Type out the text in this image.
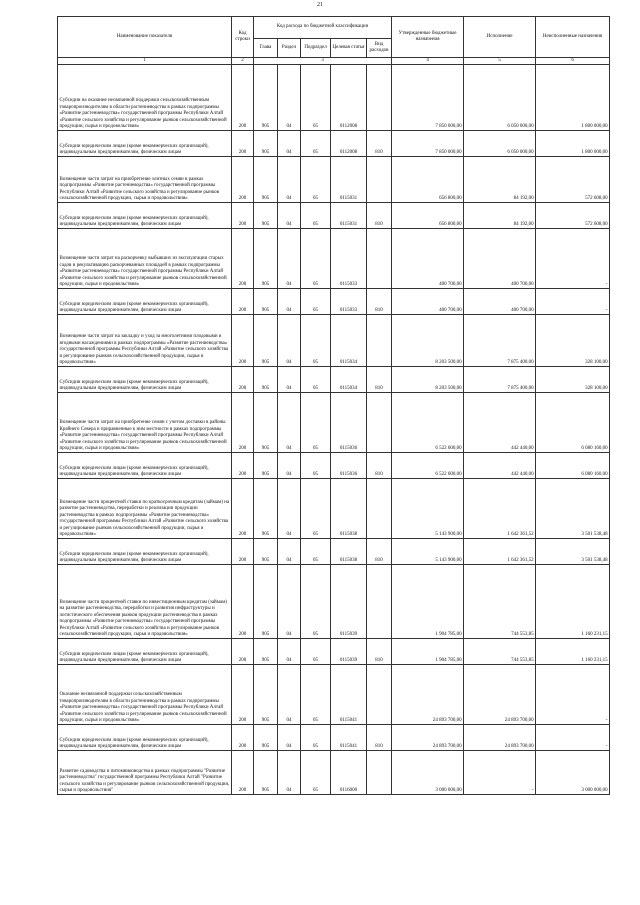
21
Наименование показателя	Код строки	Код расхода по бюджетной классификации					Утвержденные бюджетные назначения	Исполнение	Неисполненные назначения
		Глава	Раздел	Подраздел	Целевая статья	Вид расходов			
1	2	3					4	5	6
Субсидии на оказание несвязанной поддержки сельскохозяйственным товаропроизводителям в области растениеводства в рамках подпрограммы «Развитие растениеводства» государственной программы Республики Алтай «Развитие сельского хозяйства и регулирование рынков сельскохозяйственной продукции, сырья и продовольствия»	200	905	04	05	0112008		7 850 000,00	6 050 000,00	1 800 000,00
Субсидии юридическим лицам (кроме некоммерческих организаций), индивидуальным предпринимателям, физическим лицам	200	905	04	05	0112008	810	7 850 000,00	6 050 000,00	1 800 000,00
Возмещение части затрат на приобретение элитных семян в рамках подпрограммы «Развитие растениеводства» государственной программы Республики Алтай «Развитие сельского хозяйства и регулирование рынков сельскохозяйственной продукции, сырья и продовольствия»	200	905	04	05	0115031		656 800,00	84 192,00	572 608,00
Субсидии юридическим лицам (кроме некоммерческих организаций), индивидуальным предпринимателям, физическим лицам	200	905	04	05	0115031	810	656 800,00	84 192,00	572 608,00
Возмещение части затрат на раскорчевку выбывших из эксплуатации старых садов и рекультивацию раскорчеванных площадей в рамках подпрограммы «Развитие растениеводства» государственной программы Республики Алтай «Развитие сельского хозяйства и регулирование рынков сельскохозяйственной продукции, сырья и продовольствия»	200	905	04	05	0115033		400 700,00	400 700,00	-
Субсидии юридическим лицам (кроме некоммерческих организаций), индивидуальным предпринимателям, физическим лицам	200	905	04	05	0115033	810	400 700,00	400 700,00	-
Возмещение части затрат на закладку и уход за многолетними плодовыми и ягодными насаждениями в рамках подпрограммы «Развитие растениеводства» государственной программы Республики Алтай «Развитие сельского хозяйства и регулирование рынков сельскохозяйственной продукции, сырья и продовольствия»	200	905	04	05	0115034		8 203 500,00	7 875 400,00	328 100,00
Субсидии юридическим лицам (кроме некоммерческих организаций), индивидуальным предпринимателям, физическим лицам	200	905	04	05	0115034	810	8 203 500,00	7 875 400,00	328 100,00
Возмещение части затрат на приобретение семян с учетом доставки в районы Крайнего Севера и приравненные к ним местности в рамках подпрограммы «Развитие растениеводства» государственной программы Республики Алтай «Развитие сельского хозяйства и регулирование рынков сельскохозяйственной продукции, сырья и продовольствия»	200	905	04	05	0115036		6 522 600,00	442 440,00	6 080 160,00
Субсидии юридическим лицам (кроме некоммерческих организаций), индивидуальным предпринимателям, физическим лицам	200	905	04	05	0115036	810	6 522 600,00	442 440,00	6 080 160,00
Возмещение части процентной ставки по краткосрочным кредитам (займам) на развитие растениеводства, переработки и реализации продукции растениеводства в рамках подпрограммы «Развитие растениеводства» государственной программы Республики Алтай «Развитие сельского хозяйства и регулирование рынков сельскохозяйственной продукции, сырья и продовольствия»	200	905	04	05	0115038		5 143 900,00	1 642 361,52	3 501 538,48
Субсидии юридическим лицам (кроме некоммерческих организаций), индивидуальным предпринимателям, физическим лицам	200	905	04	05	0115038	810	5 143 900,00	1 642 361,52	3 501 538,48
Возмещение части процентной ставки по инвестиционным кредитам (займам) на развитие растениеводства, переработки и развития инфраструктуры и логистического обеспечения рынков продукции растениеводства в рамках подпрограммы «Развитие растениеводства» государственной программы Республики Алтай «Развитие сельского хозяйства и регулирование рынков сельскохозяйственной продукции, сырья и продовольствия»	200	905	04	05	0115039		1 904 785,00	744 553,85	1 160 231,15
Субсидии юридическим лицам (кроме некоммерческих организаций), индивидуальным предпринимателям, физическим лицам	200	905	04	05	0115039	810	1 904 785,00	744 553,85	1 160 231,15
Оказание несвязанной поддержки сельскохозяйственным товаропроизводителям в области растениеводства в рамках подпрограммы «Развитие растениеводства» государственной программы Республики Алтай «Развитие сельского хозяйства и регулирование рынков сельскохозяйственной продукции, сырья и продовольствия»	200	905	04	05	0115041		24 893 700,00	24 893 700,00	-
Субсидии юридическим лицам (кроме некоммерческих организаций), индивидуальным предпринимателям, физическим лицам	200	905	04	05	0115041	810	24 893 700,00	24 893 700,00	-
Развитие садоводства и питомниководства в рамках подпрограммы "Развитие растениеводства" государственной программы Республики Алтай "Развитие сельского хозяйства и регулирование рынков сельскохозяйственной продукции, сырья и продовольствия"	200	905	04	05	0116000		3 000 000,00	-	3 000 000,00
